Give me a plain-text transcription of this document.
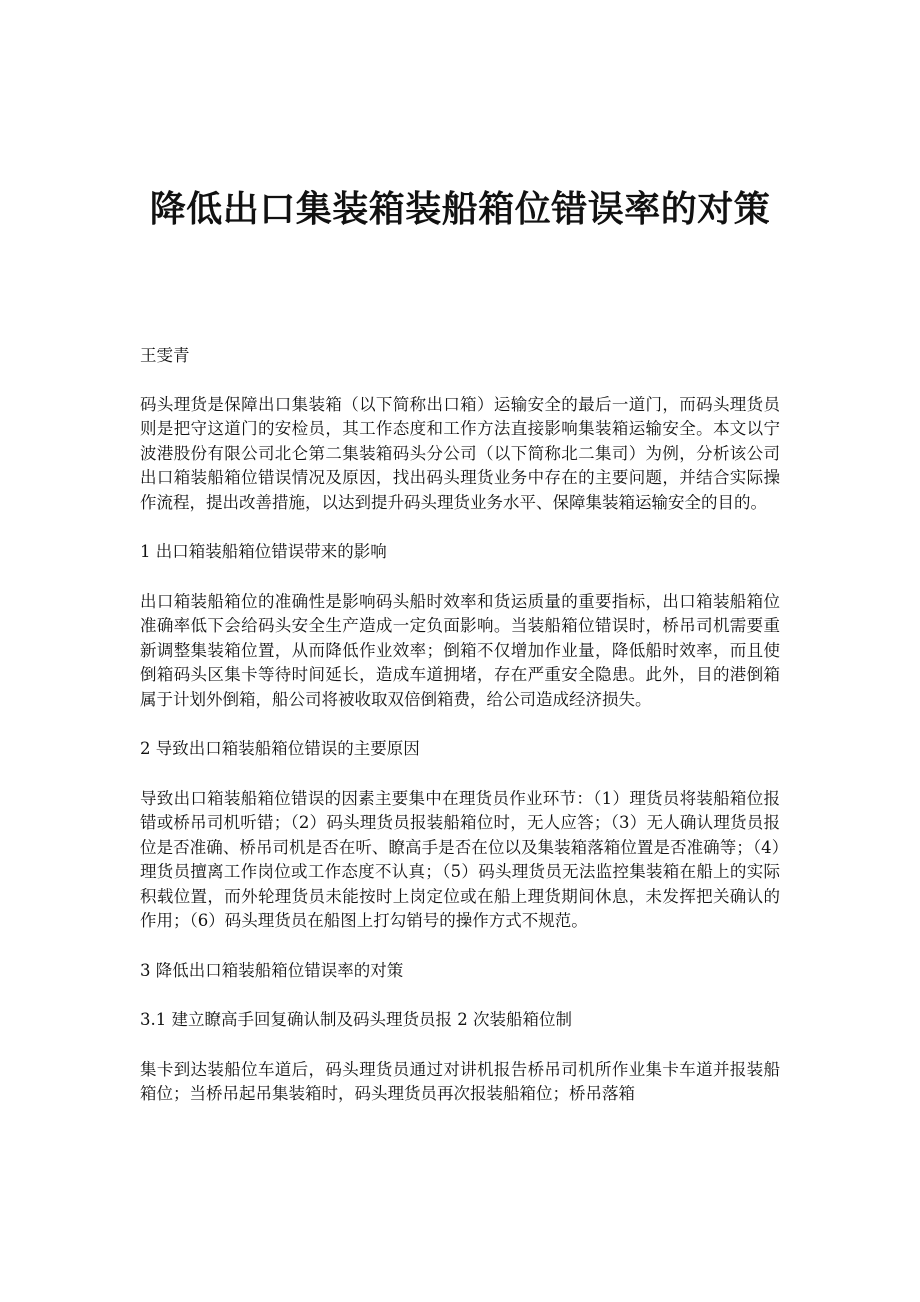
降低出口集装箱装船箱位错误率的对策

王雯青

码头理货是保障出口集装箱（以下简称出口箱）运输安全的最后一道门，而码头理货员则是把守这道门的安检员，其工作态度和工作方法直接影响集装箱运输安全。本文以宁波港股份有限公司北仑第二集装箱码头分公司（以下简称北二集司）为例，分析该公司出口箱装船箱位错误情况及原因，找出码头理货业务中存在的主要问题，并结合实际操作流程，提出改善措施，以达到提升码头理货业务水平、保障集装箱运输安全的目的。

1 出口箱装船箱位错误带来的影响

出口箱装船箱位的准确性是影响码头船时效率和货运质量的重要指标，出口箱装船箱位准确率低下会给码头安全生产造成一定负面影响。当装船箱位错误时，桥吊司机需要重新调整集装箱位置，从而降低作业效率；倒箱不仅增加作业量，降低船时效率，而且使倒箱码头区集卡等待时间延长，造成车道拥堵，存在严重安全隐患。此外，目的港倒箱属于计划外倒箱，船公司将被收取双倍倒箱费，给公司造成经济损失。

2 导致出口箱装船箱位错误的主要原因

导致出口箱装船箱位错误的因素主要集中在理货员作业环节：（1）理货员将装船箱位报错或桥吊司机听错；（2）码头理货员报装船箱位时，无人应答；（3）无人确认理货员报位是否准确、桥吊司机是否在听、瞭高手是否在位以及集装箱落箱位置是否准确等；（4）理货员擅离工作岗位或工作态度不认真；（5）码头理货员无法监控集装箱在船上的实际积载位置，而外轮理货员未能按时上岗定位或在船上理货期间休息，未发挥把关确认的作用；（6）码头理货员在船图上打勾销号的操作方式不规范。

3 降低出口箱装船箱位错误率的对策

3.1 建立瞭高手回复确认制及码头理货员报 2 次装船箱位制

集卡到达装船位车道后，码头理货员通过对讲机报告桥吊司机所作业集卡车道并报装船箱位；当桥吊起吊集装箱时，码头理货员再次报装船箱位；桥吊落箱
